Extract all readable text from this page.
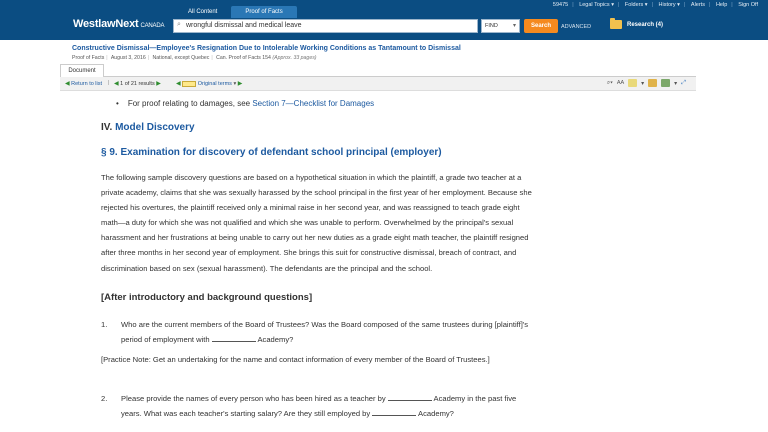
All Content	Proof of Facts
59475 | Legal Topics ▾ | Folders ▾ | History ▾ | Alerts | Help | Sign Off
WestlawNext CANADA ⌕ wrongful dismissal and medical leave	FIND	▾	Search	ADVANCED	Research (4)
Constructive Dismissal—Employee's Resignation Due to Intolerable Working Conditions as Tantamount to Dismissal
Proof of Facts | August 3, 2016 | National, except Quebec | Can. Proof of Facts 154 (Approx. 33 pages)
Document
◀ Return to list | ◀ 1 of 21 results ▶	◀	Original terms ▾ ▶	⌕▾ AA	▾	▾ ⤢
• For proof relating to damages, see Section 7—Checklist for Damages
IV. Model Discovery
§ 9. Examination for discovery of defendant school principal (employer)
The following sample discovery questions are based on a hypothetical situation in which the plaintiff, a grade two teacher at a private academy, claims that she was sexually harassed by the school principal in the first year of her employment. Because she rejected his overtures, the plaintiff received only a minimal raise in her second year, and was reassigned to teach grade eight math—a duty for which she was not qualified and which she was unable to perform. Overwhelmed by the principal's sexual harassment and her frustrations at being unable to carry out her new duties as a grade eight math teacher, the plaintiff resigned after three months in her second year of employment. She brings this suit for constructive dismissal, breach of contract, and discrimination based on sex (sexual harassment). The defendants are the principal and the school.
[After introductory and background questions]
1. Who are the current members of the Board of Trustees? Was the Board composed of the same trustees during [plaintiff]'s period of employment with	Academy?
[Practice Note: Get an undertaking for the name and contact information of every member of the Board of Trustees.]
2. Please provide the names of every person who has been hired as a teacher by	Academy in the past five years. What was each teacher's starting salary? Are they still employed by	Academy?
